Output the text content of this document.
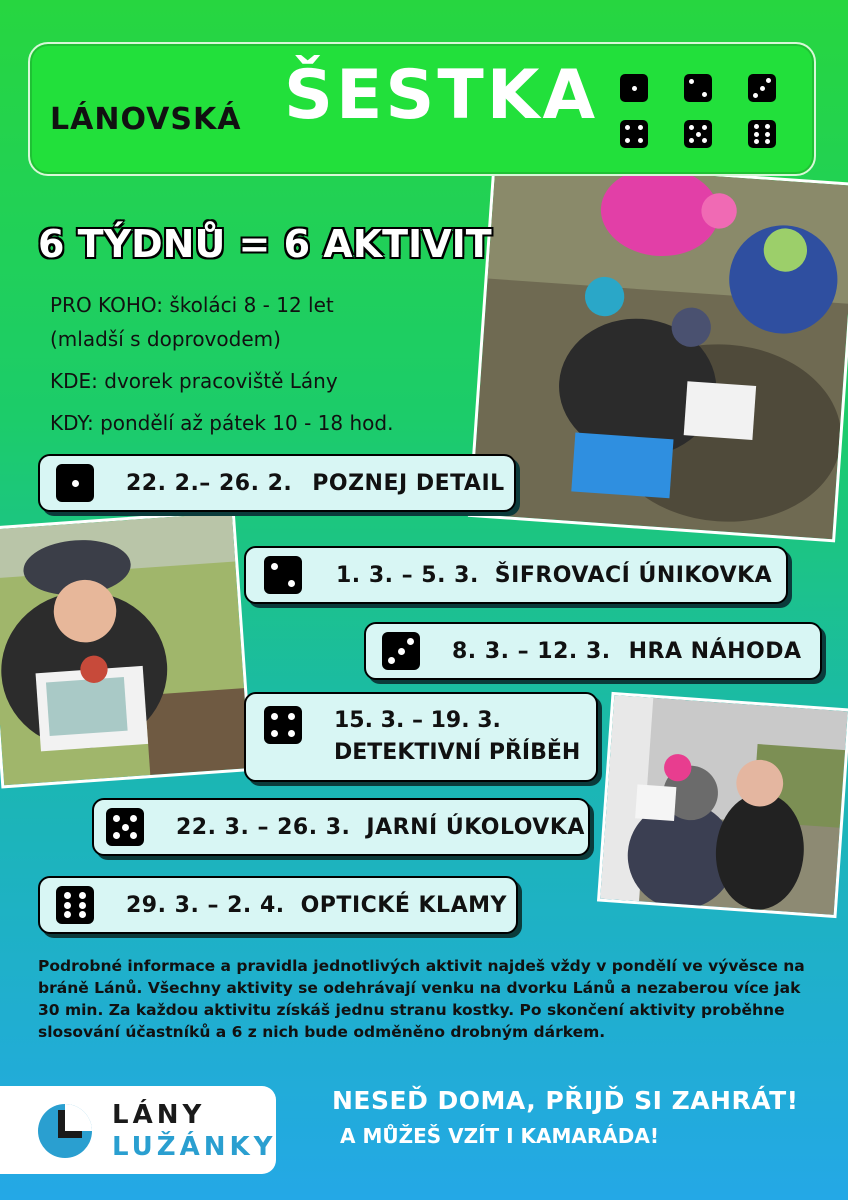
LÁNOVSKÁ ŠESTKA
6 TÝDNŮ = 6 AKTIVIT
PRO KOHO: školáci 8 - 12 let
(mladší s doprovodem)
KDE: dvorek pracoviště Lány
KDY: pondělí až pátek 10 - 18 hod.
22. 2.– 26. 2. POZNEJ DETAIL
1. 3. – 5. 3. ŠIFROVACÍ ÚNIKOVKA
8. 3. – 12. 3. HRA NÁHODA
15. 3. – 19. 3.
DETEKTIVNÍ PŘÍBĚH
22. 3. – 26. 3. JARNÍ ÚKOLOVKA
29. 3. – 2. 4. OPTICKÉ KLAMY
Podrobné informace a pravidla jednotlivých aktivit najdeš vždy v pondělí ve vývěsce na bráně Lánů. Všechny aktivity se odehrávají venku na dvorku Lánů a nezaberou více jak 30 min. Za každou aktivitu získáš jednu stranu kostky. Po skončení aktivity proběhne slosování účastníků a 6 z nich bude odměněno drobným dárkem.
LÁNY
LUŽÁNKY
NESEĎ DOMA, PŘIJĎ SI ZAHRÁT!
A MŮŽEŠ VZÍT I KAMARÁDA!
